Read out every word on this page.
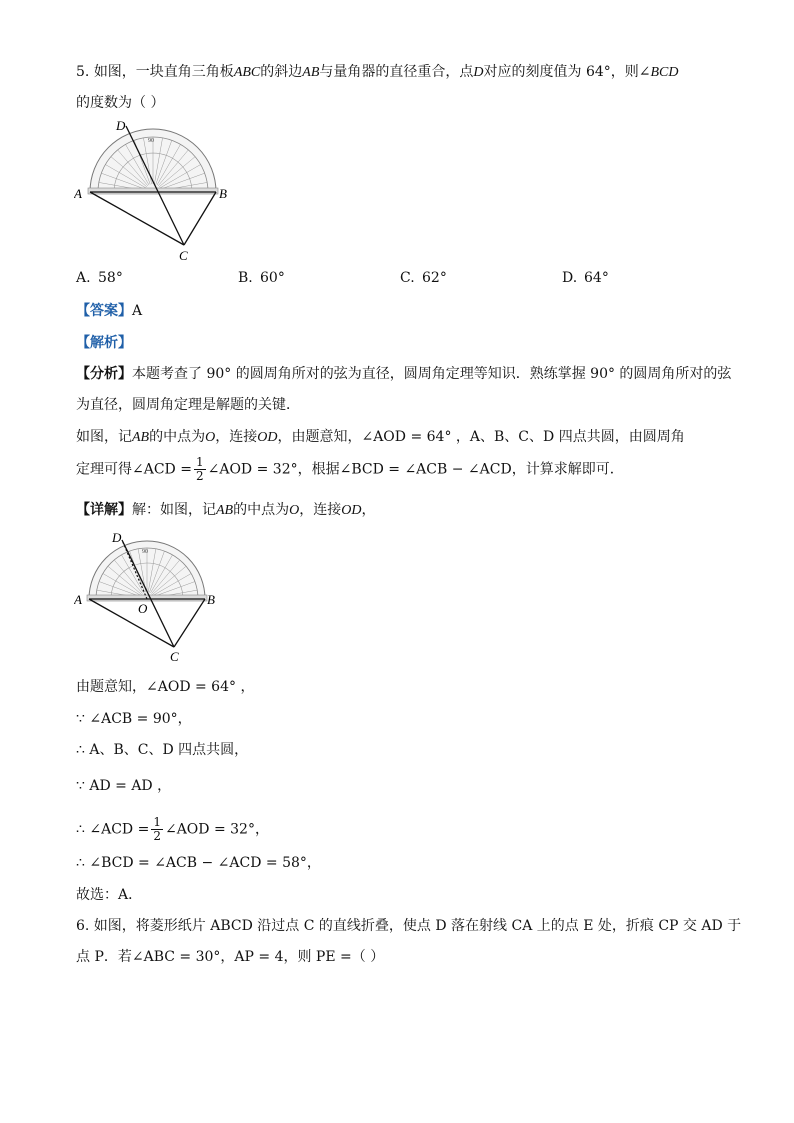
5. 如图，一块直角三角板ABC的斜边AB与量角器的直径重合，点D对应的刻度值为 64°，则∠BCD
的度数为（ ）
90
A	B
C
D
A. 58°	B. 60°	C. 62°	D. 64°
【答案】A
【解析】
【分析】本题考查了 90° 的圆周角所对的弦为直径，圆周角定理等知识．熟练掌握 90° 的圆周角所对的弦
为直径，圆周角定理是解题的关键．
如图，记AB的中点为O，连接OD，由题意知，∠AOD = 64° ，A、B、C、D 四点共圆，由圆周角
定理可得∠ACD = $\frac{1}{2}$ ∠AOD = 32°，根据∠BCD = ∠ACB − ∠ACD，计算求解即可．
【详解】解：如图，记AB的中点为O，连接OD，
90
A	B
C
D
O
由题意知，∠AOD = 64° ，
∵ ∠ACB = 90°，
∴ A、B、C、D 四点共圆，
∵ AD = AD ，
∴ ∠ACD = $\frac{1}{2}$ ∠AOD = 32°，
∴ ∠BCD = ∠ACB − ∠ACD = 58°，
故选：A．
6. 如图，将菱形纸片 ABCD 沿过点 C 的直线折叠，使点 D 落在射线 CA 上的点 E 处，折痕 CP 交 AD 于
点 P．若∠ABC = 30°，AP = 4，则 PE =（ ）
